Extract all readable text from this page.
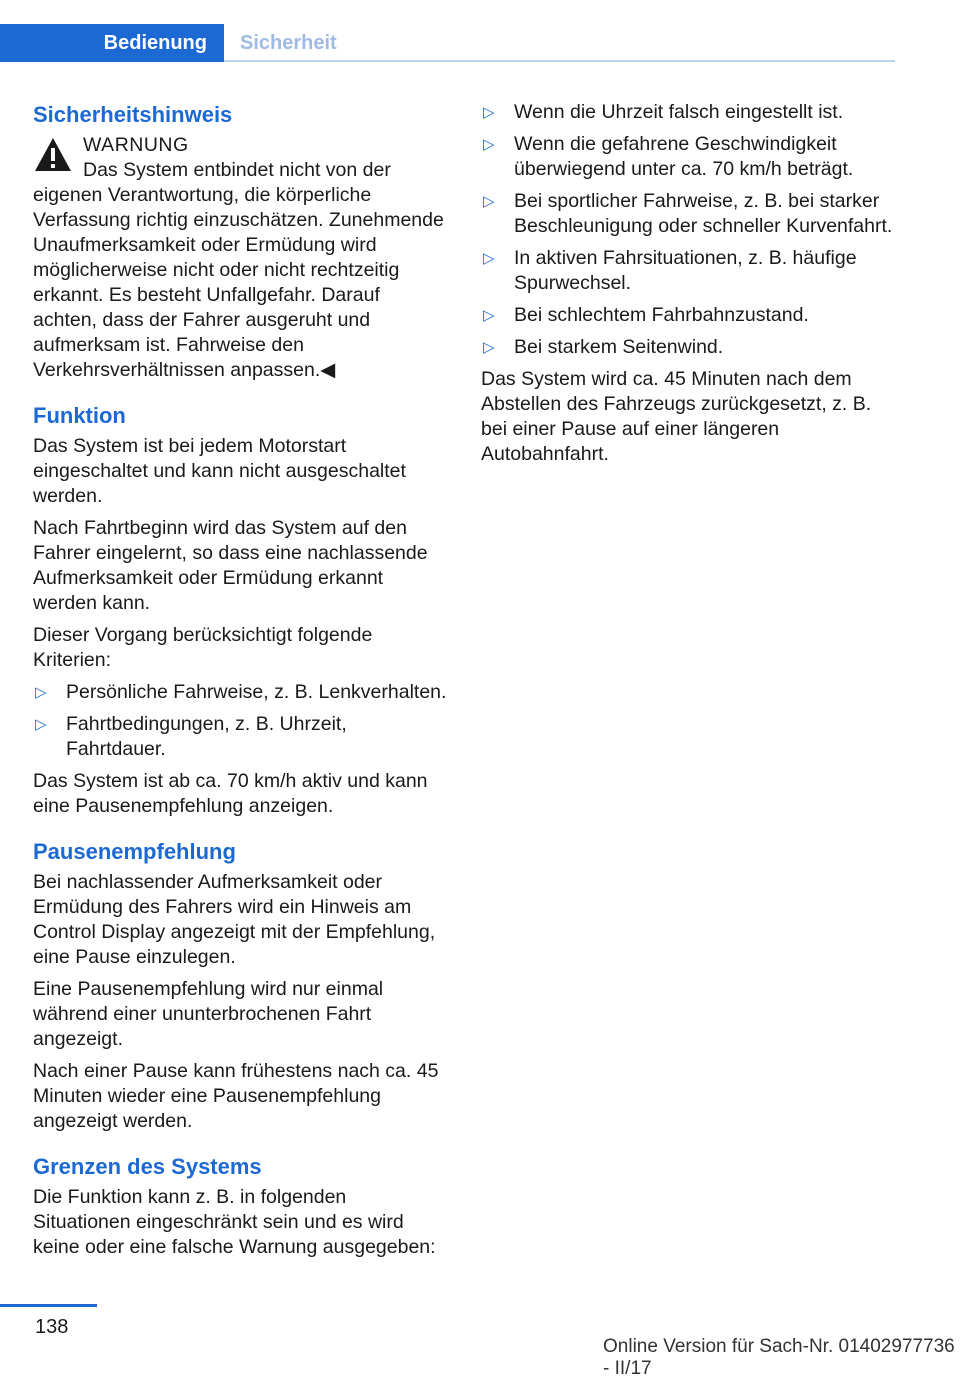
Bedienung Sicherheit
Sicherheitshinweis
WARNUNG
Das System entbindet nicht von der eigenen Verantwortung, die körperliche Verfassung richtig einzuschätzen. Zunehmende Unaufmerksamkeit oder Ermüdung wird möglicherweise nicht oder nicht rechtzeitig erkannt. Es besteht Unfallgefahr. Darauf achten, dass der Fahrer ausgeruht und aufmerksam ist. Fahrweise den Verkehrsverhältnissen anpassen.◀
Funktion

Das System ist bei jedem Motorstart eingeschaltet und kann nicht ausgeschaltet werden.

Nach Fahrtbeginn wird das System auf den Fahrer eingelernt, so dass eine nachlassende Aufmerksamkeit oder Ermüdung erkannt werden kann.

Dieser Vorgang berücksichtigt folgende Kriterien:

▷ Persönliche Fahrweise, z. B. Lenkverhalten.
▷ Fahrtbedingungen, z. B. Uhrzeit, Fahrtdauer.

Das System ist ab ca. 70 km/h aktiv und kann eine Pausenempfehlung anzeigen.

Pausenempfehlung

Bei nachlassender Aufmerksamkeit oder Ermüdung des Fahrers wird ein Hinweis am Control Display angezeigt mit der Empfehlung, eine Pause einzulegen.

Eine Pausenempfehlung wird nur einmal während einer ununterbrochenen Fahrt angezeigt.

Nach einer Pause kann frühestens nach ca. 45 Minuten wieder eine Pausenempfehlung angezeigt werden.

Grenzen des Systems

Die Funktion kann z. B. in folgenden Situationen eingeschränkt sein und es wird keine oder eine falsche Warnung ausgegeben:

▷ Wenn die Uhrzeit falsch eingestellt ist.
▷ Wenn die gefahrene Geschwindigkeit überwiegend unter ca. 70 km/h beträgt.
▷ Bei sportlicher Fahrweise, z. B. bei starker Beschleunigung oder schneller Kurvenfahrt.
▷ In aktiven Fahrsituationen, z. B. häufige Spurwechsel.
▷ Bei schlechtem Fahrbahnzustand.
▷ Bei starkem Seitenwind.

Das System wird ca. 45 Minuten nach dem Abstellen des Fahrzeugs zurückgesetzt, z. B. bei einer Pause auf einer längeren Autobahnfahrt.

138
Online Version für Sach-Nr. 01402977736 - II/17
